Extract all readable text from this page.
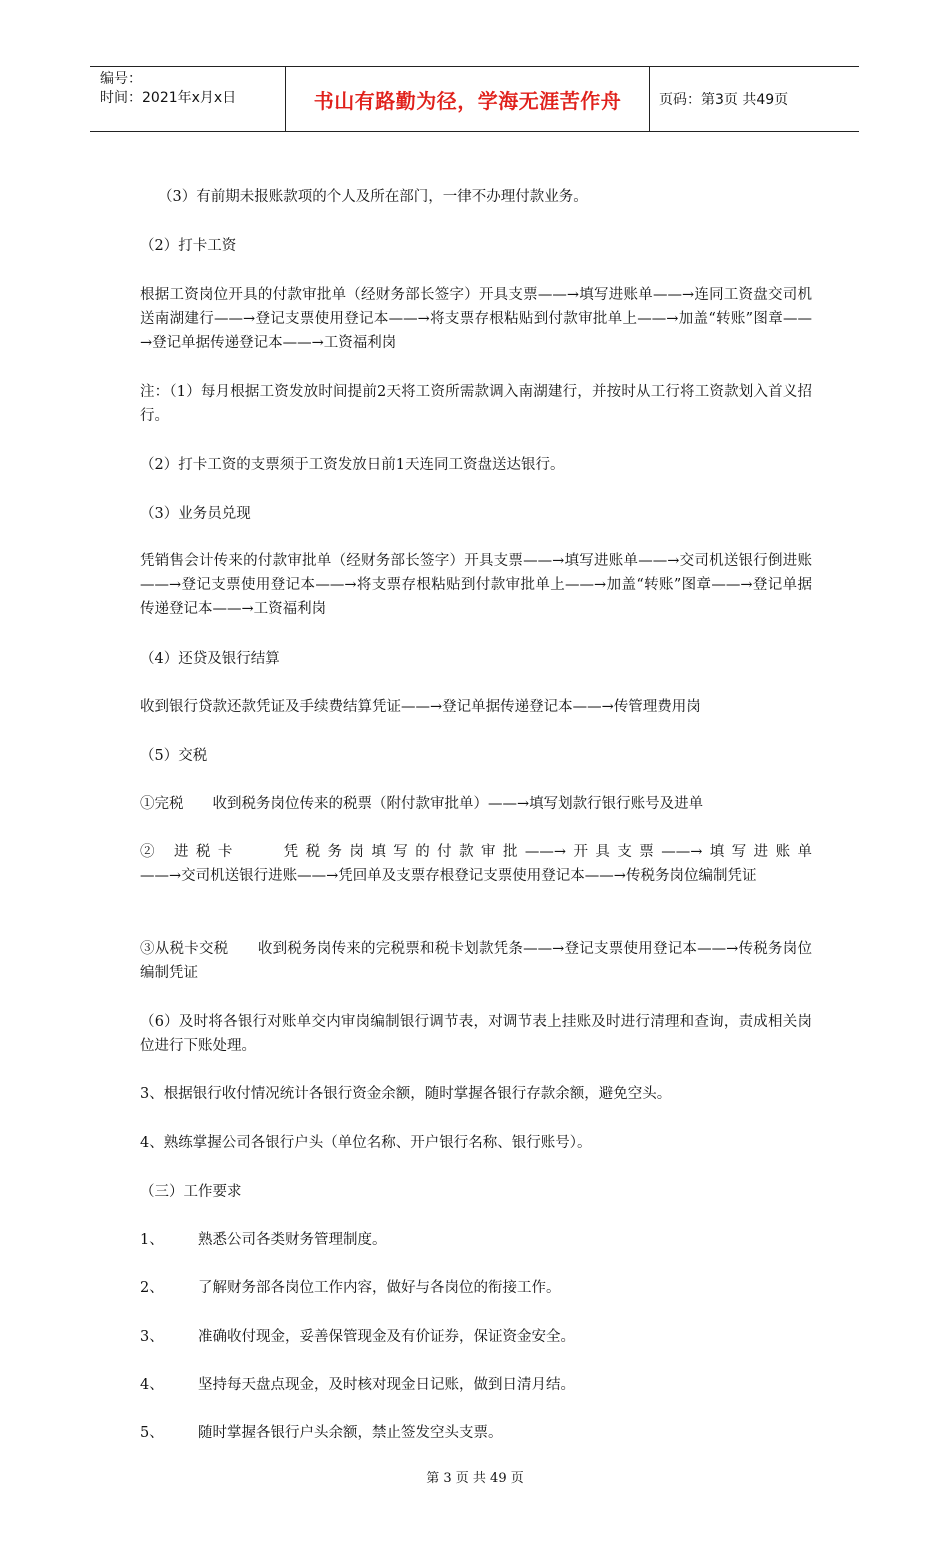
编号：
时间：2021年x月x日	书山有路勤为径，学海无涯苦作舟	页码：第3页 共49页

（3）有前期未报账款项的个人及所在部门，一律不办理付款业务。

（2）打卡工资

根据工资岗位开具的付款审批单（经财务部长签字）开具支票——→填写进账单——→连同工资盘交司机送南湖建行——→登记支票使用登记本——→将支票存根粘贴到付款审批单上——→加盖“转账”图章——→登记单据传递登记本——→工资福利岗

注：（1）每月根据工资发放时间提前2天将工资所需款调入南湖建行，并按时从工行将工资款划入首义招行。

（2）打卡工资的支票须于工资发放日前1天连同工资盘送达银行。

（3）业务员兑现

凭销售会计传来的付款审批单（经财务部长签字）开具支票——→填写进账单——→交司机送银行倒进账——→登记支票使用登记本——→将支票存根粘贴到付款审批单上——→加盖“转账”图章——→登记单据传递登记本——→工资福利岗

（4）还贷及银行结算

收到银行贷款还款凭证及手续费结算凭证——→登记单据传递登记本——→传管理费用岗

（5）交税

①完税　　收到税务岗位传来的税票（附付款审批单）——→填写划款行银行账号及进单

② 进税卡　　凭税务岗填写的付款审批——→开具支票——→填写进账单

——→交司机送银行进账——→凭回单及支票存根登记支票使用登记本——→传税务岗位编制凭证

③从税卡交税　　收到税务岗传来的完税票和税卡划款凭条——→登记支票使用登记本——→传税务岗位编制凭证

（6）及时将各银行对账单交内审岗编制银行调节表，对调节表上挂账及时进行清理和查询，责成相关岗位进行下账处理。

3、根据银行收付情况统计各银行资金余额，随时掌握各银行存款余额，避免空头。

4、熟练掌握公司各银行户头（单位名称、开户银行名称、银行账号）。

（三）工作要求

1、 熟悉公司各类财务管理制度。
2、 了解财务部各岗位工作内容，做好与各岗位的衔接工作。
3、 准确收付现金，妥善保管现金及有价证券，保证资金安全。
4、 坚持每天盘点现金，及时核对现金日记账，做到日清月结。
5、 随时掌握各银行户头余额，禁止签发空头支票。
第 3 页 共 49 页
